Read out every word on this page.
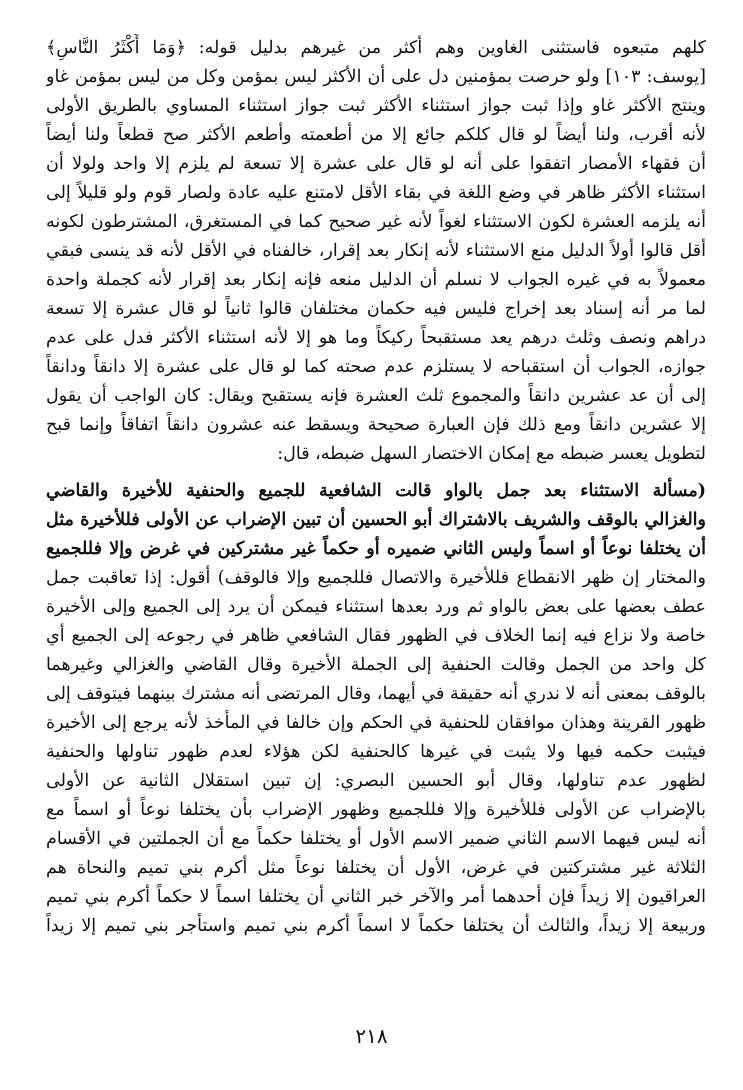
كلهم متبعوه فاستثنى الغاوين وهم أكثر من غيرهم بدليل قوله: ﴿وَمَا أَكْثَرُ النَّاسِ﴾
[يوسف: ١٠٣] ولو حرصت بمؤمنين دل على أن الأكثر ليس بمؤمن وكل من ليس بمؤمن غاو
وينتج الأكثر غاو وإذا ثبت جواز استثناء الأكثر ثبت جواز استثناء المساوي بالطريق الأولى
لأنه أقرب، ولنا أيضاً لو قال كلكم جائع إلا من أطعمته وأطعم الأكثر صح قطعاً ولنا أيضاً
أن فقهاء الأمصار اتفقوا على أنه لو قال على عشرة إلا تسعة لم يلزم إلا واحد ولولا أن
استثناء الأكثر ظاهر في وضع اللغة في بقاء الأقل لامتنع عليه عادة ولصار قوم ولو قليلاً إلى
أنه يلزمه العشرة لكون الاستثناء لغواً لأنه غير صحيح كما في المستغرق، المشترطون لكونه
أقل قالوا أولاً الدليل منع الاستثناء لأنه إنكار بعد إقرار، خالفناه في الأقل لأنه قد ينسى فبقي
معمولاً به في غيره الجواب لا نسلم أن الدليل منعه فإنه إنكار بعد إقرار لأنه كجملة واحدة
لما مر أنه إسناد بعد إخراج فليس فيه حكمان مختلفان قالوا ثانياً لو قال عشرة إلا تسعة
دراهم ونصف وثلث درهم يعد مستقبحاً ركيكاً وما هو إلا لأنه استثناء الأكثر فدل على عدم
جوازه، الجواب أن استقباحه لا يستلزم عدم صحته كما لو قال على عشرة إلا دانقاً ودانقاً
إلى أن عد عشرين دانقاً والمجموع ثلث العشرة فإنه يستقبح ويقال: كان الواجب أن يقول
إلا عشرين دانقاً ومع ذلك فإن العبارة صحيحة ويسقط عنه عشرون دانقاً اتفاقاً وإنما قبح
لتطويل يعسر ضبطه مع إمكان الاختصار السهل ضبطه، قال:
(مسألة الاستثناء بعد جمل بالواو قالت الشافعية للجميع والحنفية للأخيرة والقاضي
والغزالي بالوقف والشريف بالاشتراك أبو الحسين أن تبين الإضراب عن الأولى فللأخيرة مثل
أن يختلفا نوعاً أو اسماً وليس الثاني ضميره أو حكماً غير مشتركين في غرض وإلا فللجميع
والمختار إن ظهر الانقطاع فللأخيرة والاتصال فللجميع وإلا فالوقف) أقول: إذا تعاقبت جمل
عطف بعضها على بعض بالواو ثم ورد بعدها استثناء فيمكن أن يرد إلى الجميع وإلى الأخيرة
خاصة ولا نزاع فيه إنما الخلاف في الظهور فقال الشافعي ظاهر في رجوعه إلى الجميع أي
كل واحد من الجمل وقالت الحنفية إلى الجملة الأخيرة وقال القاضي والغزالي وغيرهما
بالوقف بمعنى أنه لا ندري أنه حقيقة في أيهما، وقال المرتضى أنه مشترك بينهما فيتوقف إلى
ظهور القرينة وهذان موافقان للحنفية في الحكم وإن خالفا في المأخذ لأنه يرجع إلى الأخيرة
فيثبت حكمه فيها ولا يثبت في غيرها كالحنفية لكن هؤلاء لعدم ظهور تناولها والحنفية
لظهور عدم تناولها، وقال أبو الحسين البصري: إن تبين استقلال الثانية عن الأولى
بالإضراب عن الأولى فللأخيرة وإلا فللجميع وظهور الإضراب بأن يختلفا نوعاً أو اسماً مع
أنه ليس فيهما الاسم الثاني ضمير الاسم الأول أو يختلفا حكماً مع أن الجملتين في الأقسام
الثلاثة غير مشتركتين في غرض، الأول أن يختلفا نوعاً مثل أكرم بني تميم والنحاة هم
العراقيون إلا زيداً فإن أحدهما أمر والآخر خبر الثاني أن يختلفا اسماً لا حكماً أكرم بني تميم
وربيعة إلا زيداً، والثالث أن يختلفا حكماً لا اسماً أكرم بني تميم واستأجر بني تميم إلا زيداً
٢١٨
